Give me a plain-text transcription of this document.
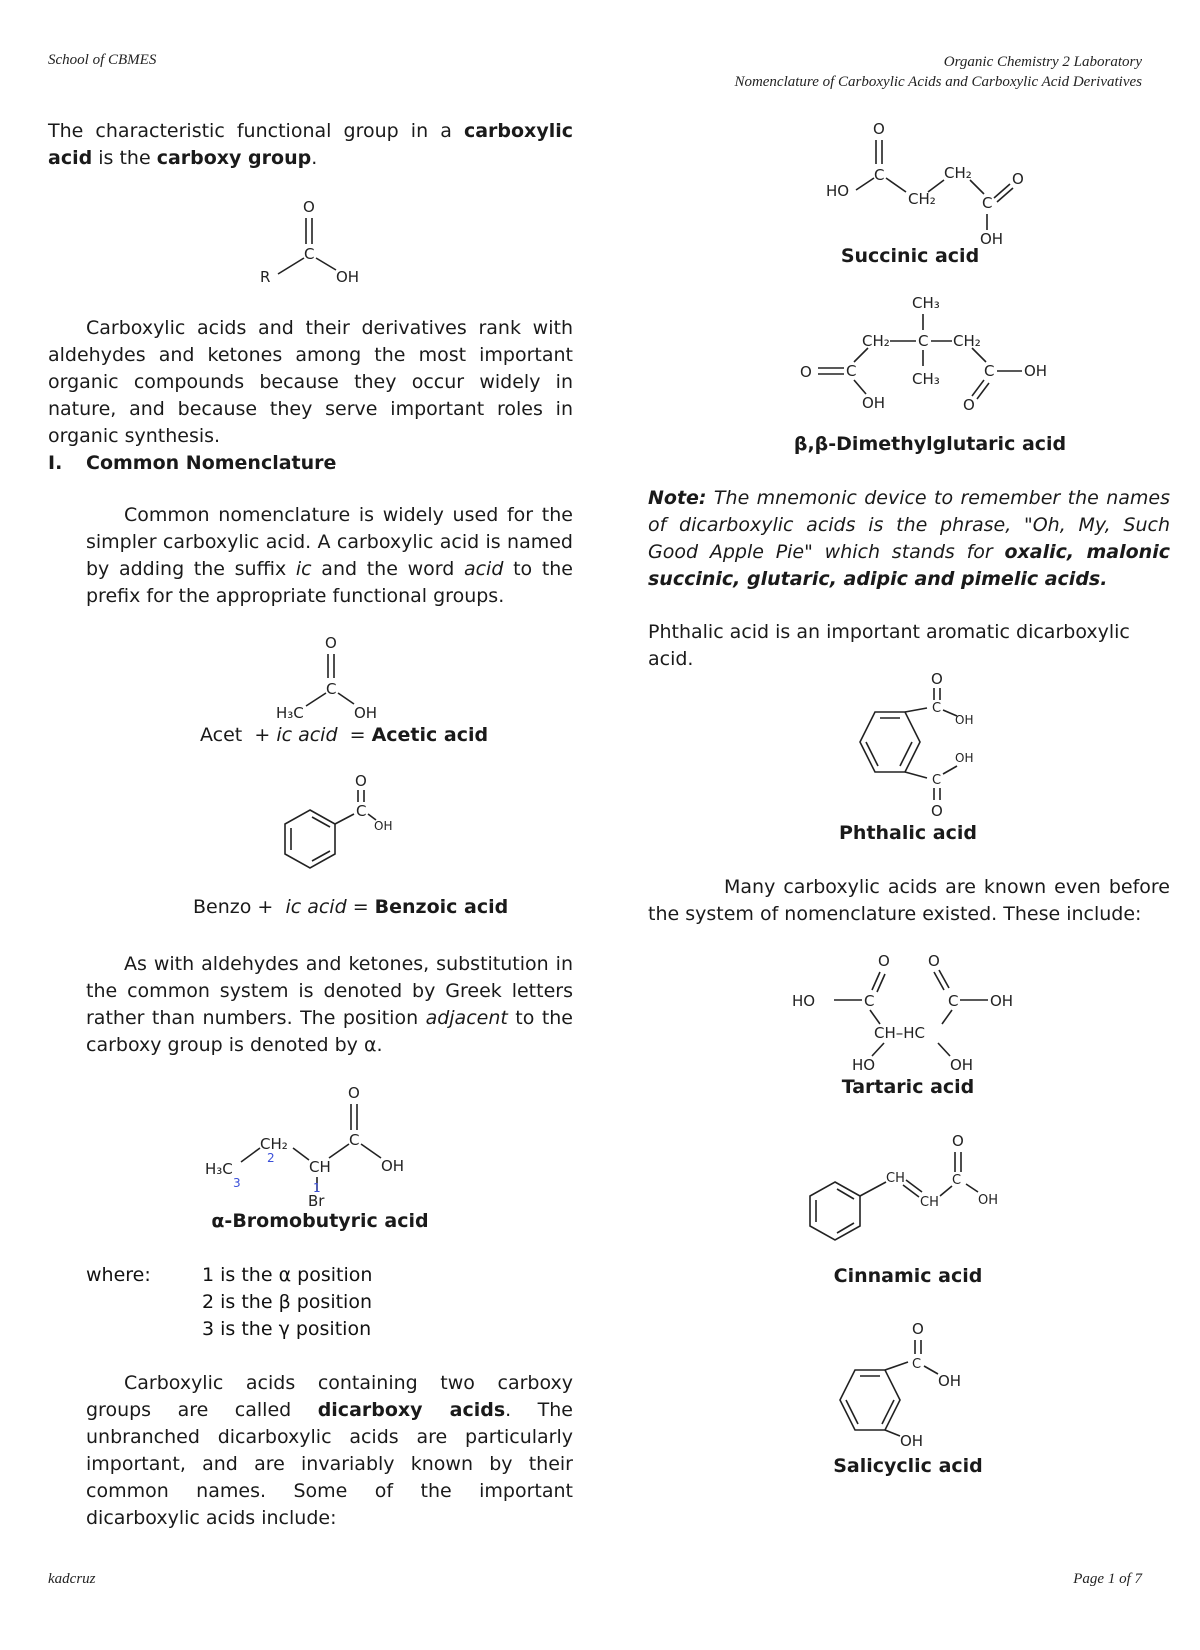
School of CBMES	Organic Chemistry 2 Laboratory
Nomenclature of Carboxylic Acids and Carboxylic Acid Derivatives
kadcruz	Page 1 of 7
The characteristic functional group in a carboxylic acid is the carboxy group.
O
C
R	OH
Carboxylic acids and their derivatives rank with aldehydes and ketones among the most important organic compounds because they occur widely in nature, and because they serve important roles in organic synthesis.
I. Common Nomenclature
Common nomenclature is widely used for the simpler carboxylic acid. A carboxylic acid is named by adding the suffix ic and the word acid to the prefix for the appropriate functional groups.
O
C
H₃C	OH
Acet + ic acid = Acetic acid
O
C
OH
Benzo + ic acid = Benzoic acid
As with aldehydes and ketones, substitution in the common system is denoted by Greek letters rather than numbers. The position adjacent to the carboxy group is denoted by α.
O
C
OH
CH
CH₂
H₃C
Br
1
2
3
α-Bromobutyric acid
where:	1 is the α position
2 is the β position
3 is the γ position
Carboxylic acids containing two carboxy groups are called dicarboxy acids. The unbranched dicarboxylic acids are particularly important, and are invariably known by their common names. Some of the important dicarboxylic acids include:
O
C
HO	CH₂
CH₂
C
O
OH
Succinic acid
CH₃
CH₂ C CH₂
CH₃
C
O
OH
C OH
O
β,β-Dimethylglutaric acid
Note: The mnemonic device to remember the names of dicarboxylic acids is the phrase, "Oh, My, Such Good Apple Pie" which stands for oxalic, malonic succinic, glutaric, adipic and pimelic acids.
Phthalic acid is an important aromatic dicarboxylic acid.
O
C
OH
C
OH
O
Phthalic acid
Many carboxylic acids are known even before the system of nomenclature existed. These include:
O
C
HO
O
C OH
CH–HC
HO	OH
Tartaric acid
CH
CH
C
O
OH
Cinnamic acid
O
C
OH
OH
Salicyclic acid
